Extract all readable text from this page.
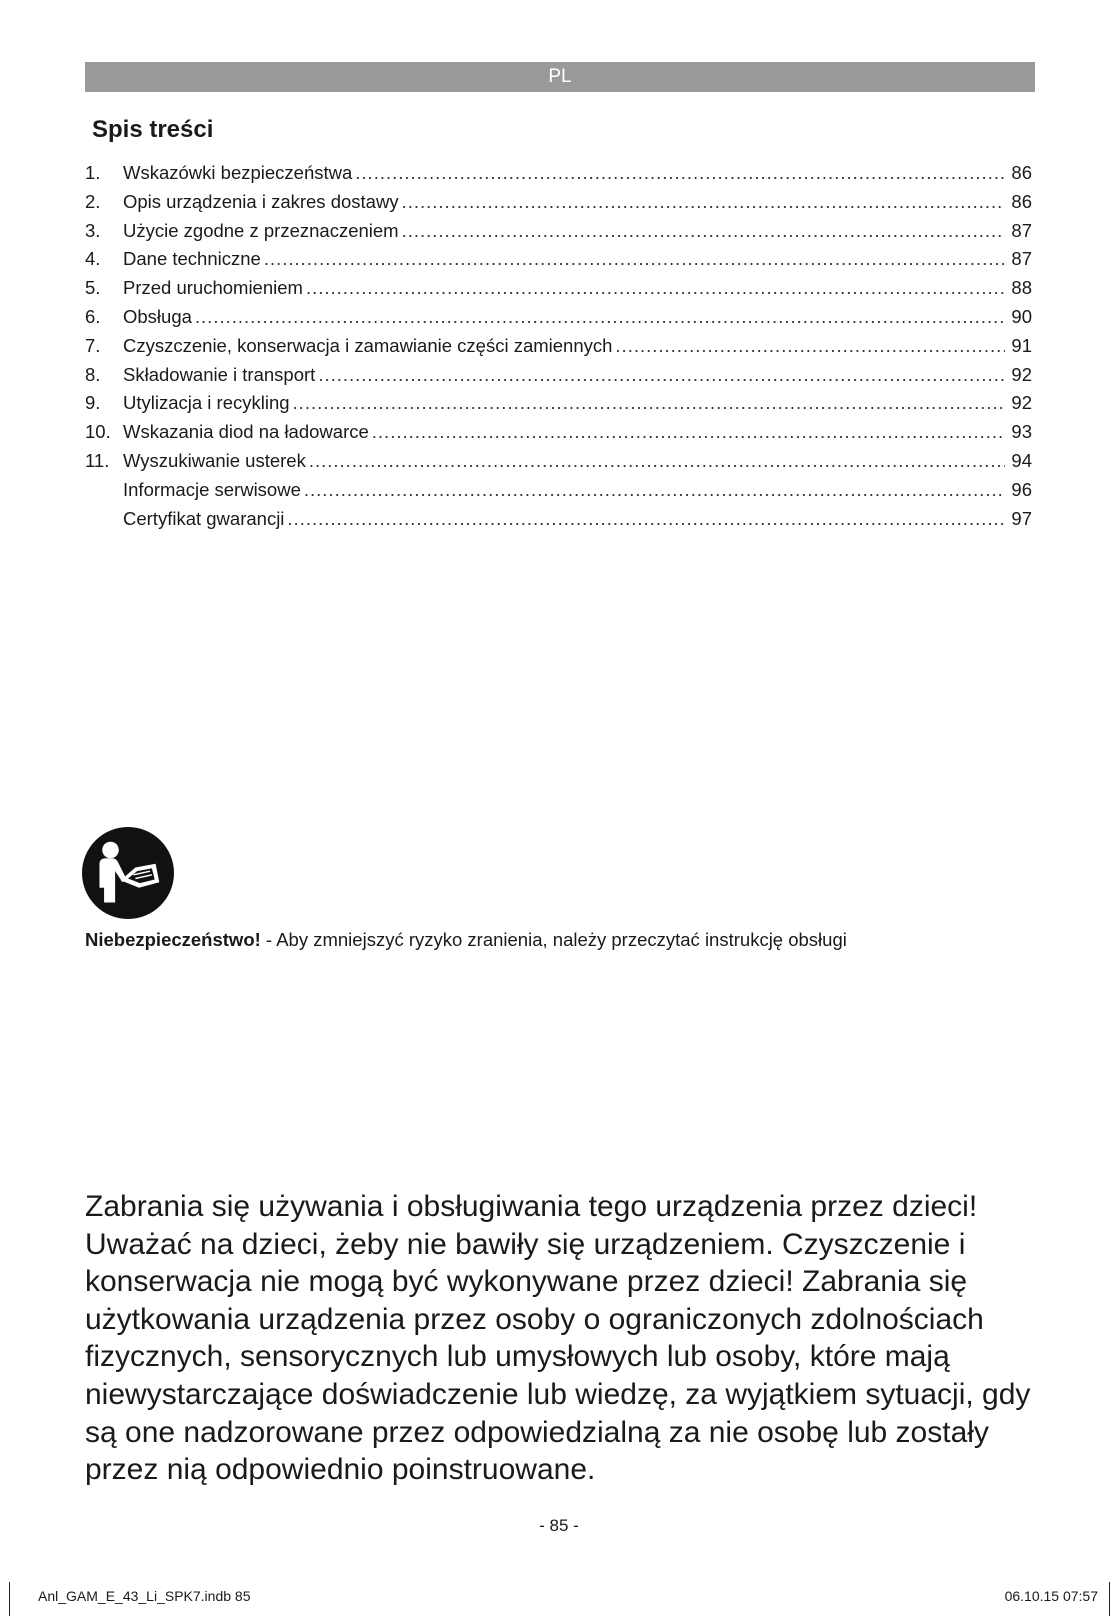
PL
Spis treści
1.	Wskazówki bezpieczeństwa .....	86
2.	Opis urządzenia i zakres dostawy .....	86
3.	Użycie zgodne z przeznaczeniem .....	87
4.	Dane techniczne .....	87
5.	Przed uruchomieniem .....	88
6.	Obsługa .....	90
7.	Czyszczenie, konserwacja i zamawianie części zamiennych .....	91
8.	Składowanie i transport .....	92
9.	Utylizacja i recykling .....	92
10. Wskazania diod na ładowarce .....	93
11. Wyszukiwanie usterek .....	94
Informacje serwisowe .....	96
Certyfikat gwarancji .....	97

Niebezpieczeństwo! - Aby zmniejszyć ryzyko zranienia, należy przeczytać instrukcję obsługi

Zabrania się używania i obsługiwania tego urządzenia przez dzieci! Uważać na dzieci, żeby nie bawiły się urządzeniem. Czyszczenie i konserwacja nie mogą być wykonywane przez dzieci! Zabrania się użytkowania urządzenia przez osoby o ograniczonych zdolnościach fizycznych, sensorycznych lub umysłowych lub osoby, które mają niewystarczające doświadczenie lub wiedzę, za wyjątkiem sytuacji, gdy są one nadzorowane przez odpowiedzialną za nie osobę lub zostały przez nią odpowiednio poinstruowane.

- 85 -
Anl_GAM_E_43_Li_SPK7.indb 85	06.10.15 07:57
